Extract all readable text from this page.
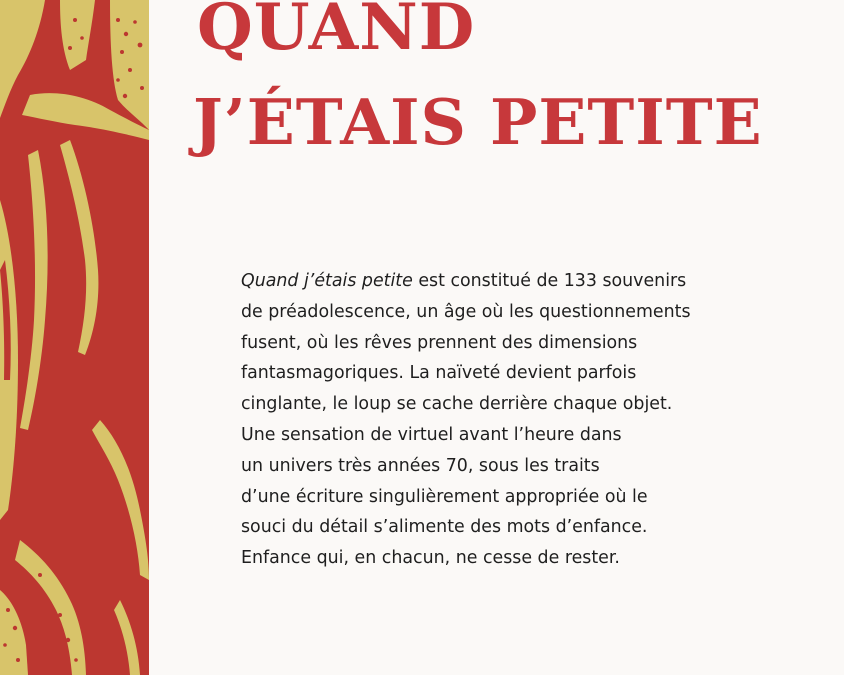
QUAND
J’ÉTAIS PETITE
Quand j’étais petite est constitué de 133 souvenirs
de préadolescence, un âge où les questionnements
fusent, où les rêves prennent des dimensions
fantasmagoriques. La naïveté devient parfois
cinglante, le loup se cache derrière chaque objet.
Une sensation de virtuel avant l’heure dans
un univers très années 70, sous les traits
d’une écriture singulièrement appropriée où le
souci du détail s’alimente des mots d’enfance.
Enfance qui, en chacun, ne cesse de rester.
